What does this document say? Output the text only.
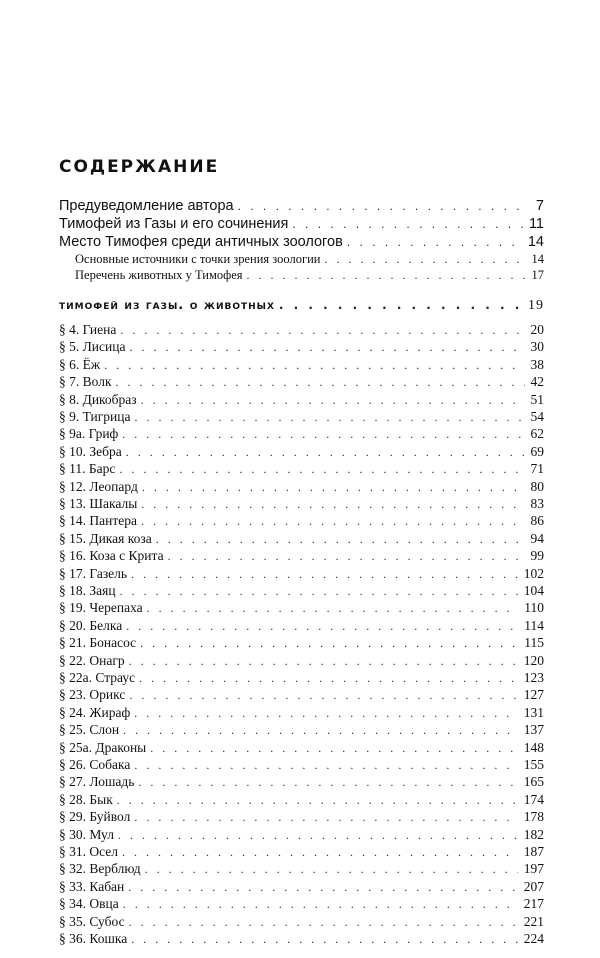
содержание
Предуведомление автора . . .	7
Тимофей из Газы и его сочинения . . .	11
Место Тимофея среди античных зоологов . . .	14
Основные источники с точки зрения зоологии . . .	14
Перечень животных у Тимофея . . .	17
тимофей из газы. о животных . . .	19
§ 4. Гиена . . .	20
§ 5. Лисица . . .	30
§ 6. Ёж . . .	38
§ 7. Волк . . .	42
§ 8. Дикобраз . . .	51
§ 9. Тигрица . . .	54
§ 9а. Гриф . . .	62
§ 10. Зебра . . .	69
§ 11. Барс . . .	71
§ 12. Леопард . . .	80
§ 13. Шакалы . . .	83
§ 14. Пантера . . .	86
§ 15. Дикая коза . . .	94
§ 16. Коза с Крита . . .	99
§ 17. Газель . . .	102
§ 18. Заяц . . .	104
§ 19. Черепаха . . .	110
§ 20. Белка . . .	114
§ 21. Бонасос . . .	115
§ 22. Онагр . . .	120
§ 22а. Страус . . .	123
§ 23. Орикс . . .	127
§ 24. Жираф . . .	131
§ 25. Слон . . .	137
§ 25а. Драконы . . .	148
§ 26. Собака . . .	155
§ 27. Лошадь . . .	165
§ 28. Бык . . .	174
§ 29. Буйвол . . .	178
§ 30. Мул . . .	182
§ 31. Осел . . .	187
§ 32. Верблюд . . .	197
§ 33. Кабан . . .	207
§ 34. Овца . . .	217
§ 35. Субос . . .	221
§ 36. Кошка . . .	224
